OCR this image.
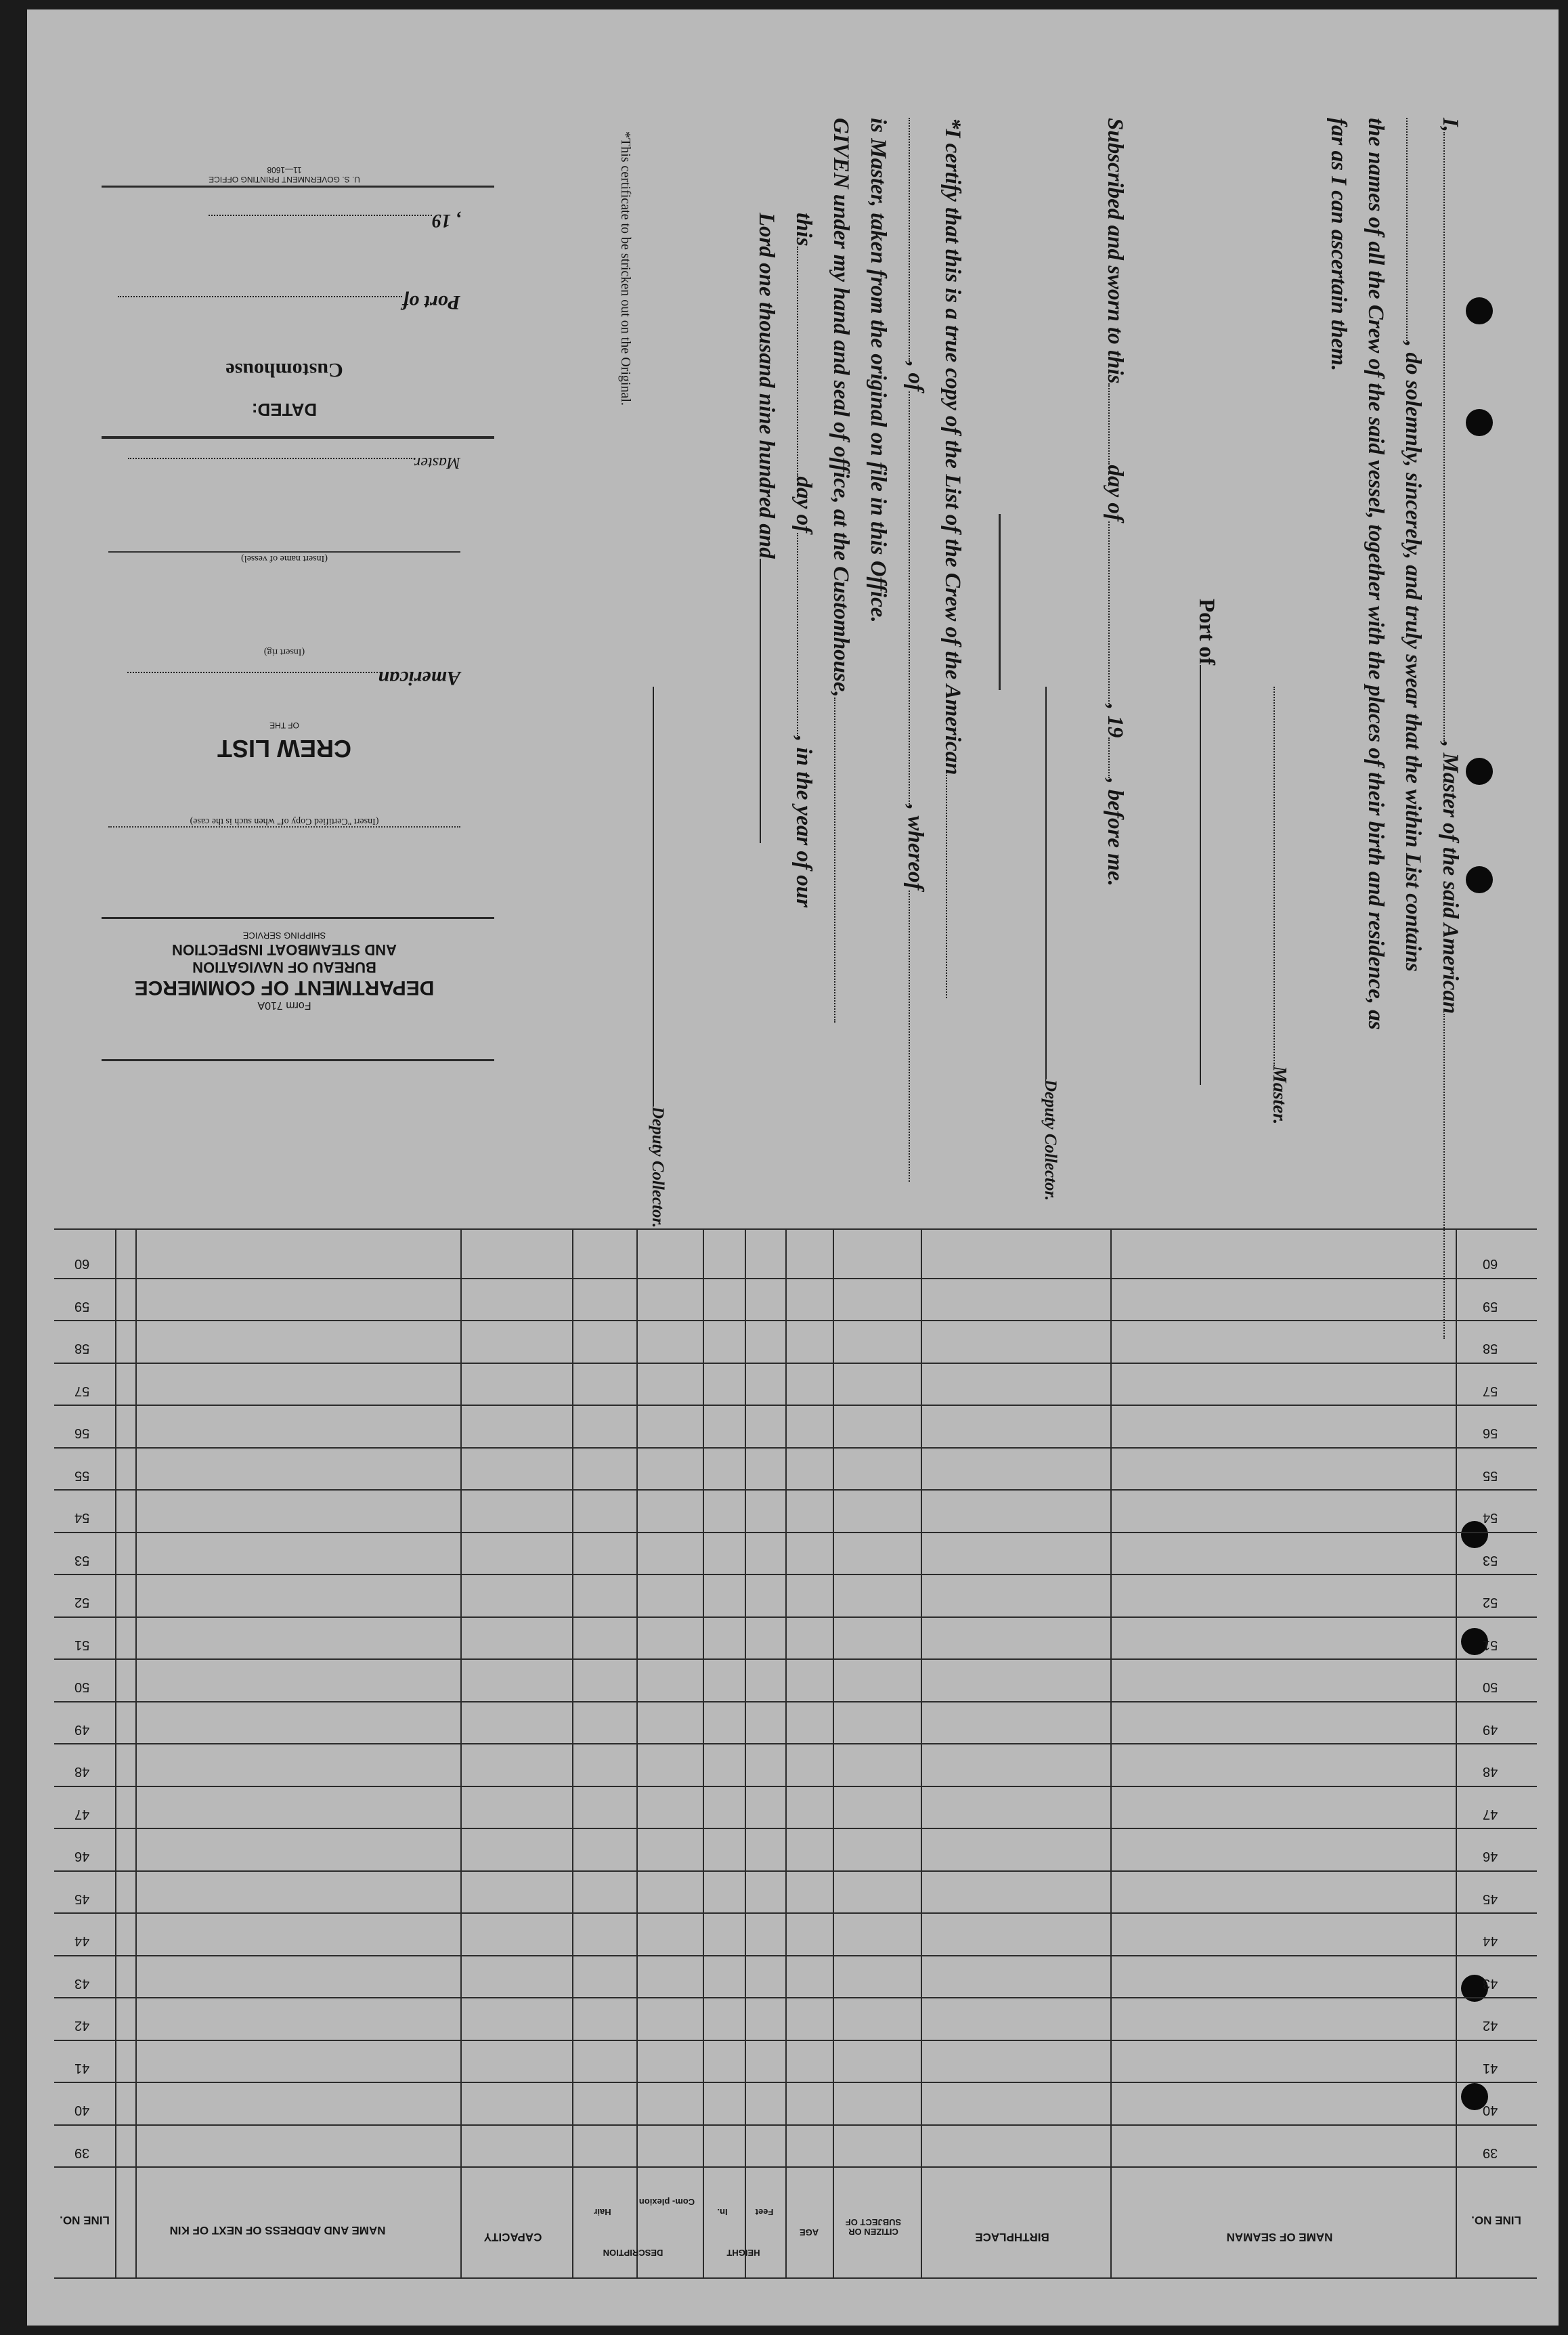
I,, Master of the said American
, do solemnly, sincerely, and truly swear that the within List contains
the names of all the Crew of the said vessel, together with the places of their birth and residence, as
far as I can ascertain them.
Master.
Port of
Subscribed and sworn to thisday of, 19, before me.
Deputy Collector.
*I certify that this is a true copy of the List of the Crew of the American
, of, whereof
is Master, taken from the original on file in this Office.
GIVEN under my hand and seal of office, at the Customhouse,
thisday of, in the year of our
Lord one thousand nine hundred and
Deputy Collector.
*This certificate to be stricken out on the Original.
U. S. GOVERNMENT PRINTING OFFICE
11—1608
, 19
Port of
Customhouse
DATED:
Master.
(Insert name of vessel)
(Insert rig)
American
OF THE
CREW LIST
(Insert "Certified Copy of" when such is the case)
Form 710A
DEPARTMENT OF COMMERCE
BUREAU OF NAVIGATION
AND STEAMBOAT INSPECTION
SHIPPING SERVICE
LINE NO.
NAME OF SEAMAN
BIRTHPLACE
CITIZEN OR SUBJECT OF
AGE
HEIGHT
Feet
In.
DESCRIPTION
Com- plexion
Hair
CAPACITY
NAME AND ADDRESS OF NEXT OF KIN
LINE NO.
60
60
59
59
58
58
57
57
56
56
55
55
54
54
53
53
52
52
51
51
50
50
49
49
48
48
47
47
46
46
45
45
44
44
43
43
42
42
41
41
40
40
39
39
